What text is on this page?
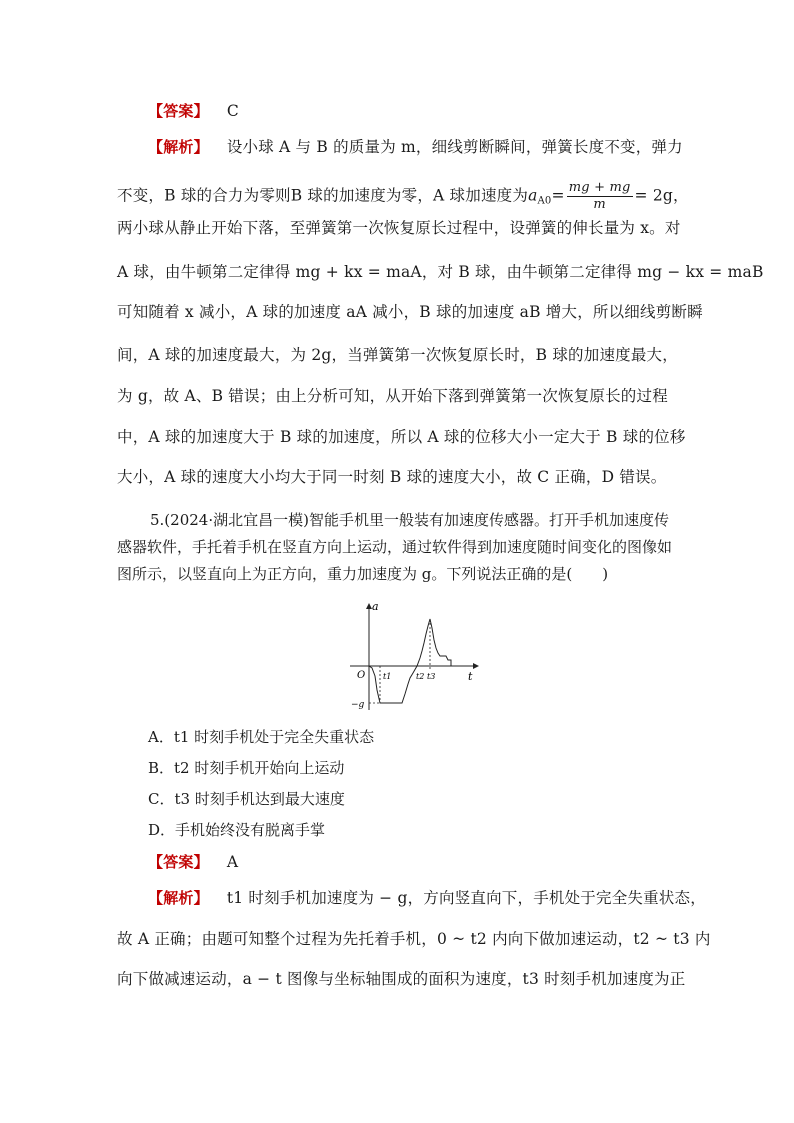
【答案】 C
【解析】 设小球 A 与 B 的质量为 m，细线剪断瞬间，弹簧长度不变，弹力
不变，B 球的合力为零则B 球的加速度为零，A 球加速度为$a_{A0}= \frac{mg + mg}{m} = 2g$，
两小球从静止开始下落，至弹簧第一次恢复原长过程中，设弹簧的伸长量为 x。对
A 球，由牛顿第二定律得 mg + kx = maA，对 B 球，由牛顿第二定律得 mg − kx = maB
可知随着 x 减小，A 球的加速度 aA 减小，B 球的加速度 aB 增大，所以细线剪断瞬
间，A 球的加速度最大，为 2g，当弹簧第一次恢复原长时，B 球的加速度最大，
为 g，故 A、B 错误；由上分析可知，从开始下落到弹簧第一次恢复原长的过程
中，A 球的加速度大于 B 球的加速度，所以 A 球的位移大小一定大于 B 球的位移
大小，A 球的速度大小均大于同一时刻 B 球的速度大小，故 C 正确，D 错误。
5.(2024·湖北宜昌一模)智能手机里一般装有加速度传感器。打开手机加速度传感器软件，手托着手机在竖直方向上运动，通过软件得到加速度随时间变化的图像如图所示，以竖直向上为正方向，重力加速度为 g。下列说法正确的是(　　)
a
t
O
−g
t1	t2 t3
A．t1 时刻手机处于完全失重状态
B．t2 时刻手机开始向上运动
C．t3 时刻手机达到最大速度
D．手机始终没有脱离手掌
【答案】 A
【解析】 t1 时刻手机加速度为 − g，方向竖直向下，手机处于完全失重状态，
故 A 正确；由题可知整个过程为先托着手机，0 ~ t2 内向下做加速运动，t2 ~ t3 内
向下做减速运动，a − t 图像与坐标轴围成的面积为速度，t3 时刻手机加速度为正
